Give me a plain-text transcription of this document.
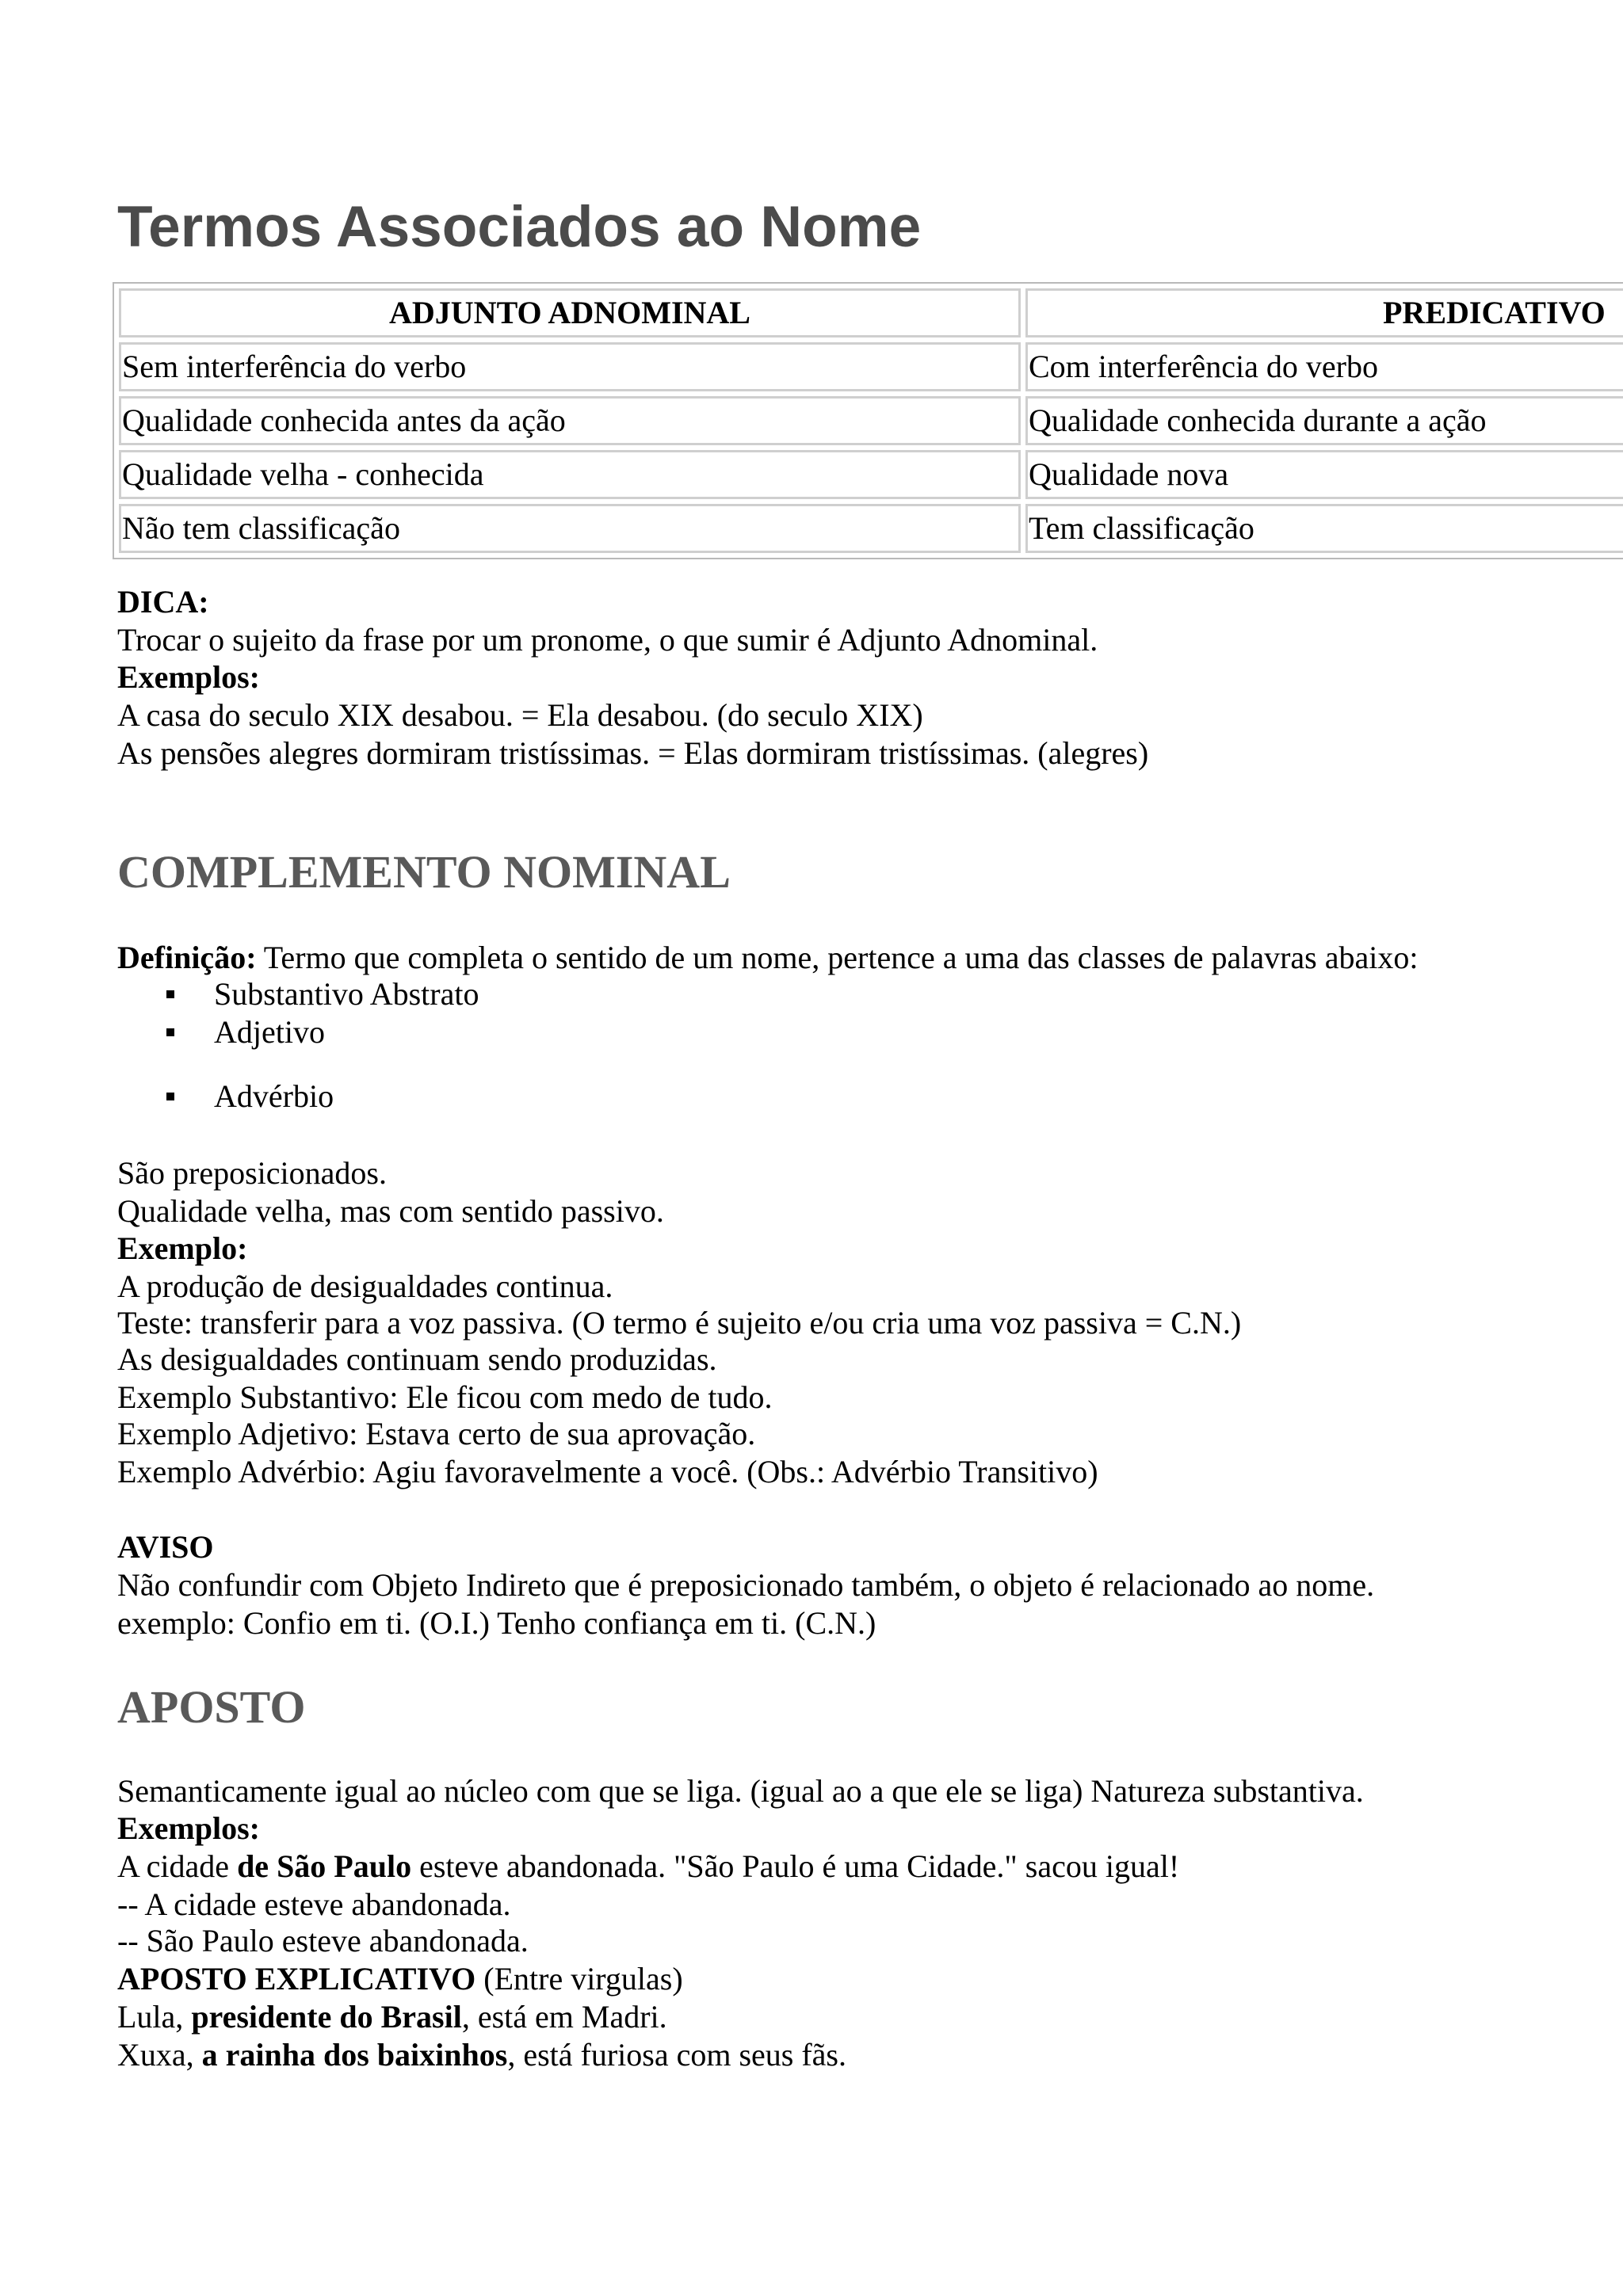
Termos Associados ao Nome
ADJUNTO ADNOMINAL	PREDICATIVO
Sem interferência do verbo	Com interferência do verbo
Qualidade conhecida antes da ação	Qualidade conhecida durante a ação
Qualidade velha - conhecida	Qualidade nova
Não tem classificação	Tem classificação
DICA:
Trocar o sujeito da frase por um pronome, o que sumir é Adjunto Adnominal.
Exemplos:
A casa do seculo XIX desabou. = Ela desabou. (do seculo XIX)
As pensões alegres dormiram tristíssimas. = Elas dormiram tristíssimas. (alegres)
COMPLEMENTO NOMINAL
Definição: Termo que completa o sentido de um nome, pertence a uma das classes de palavras abaixo:
Substantivo Abstrato
Adjetivo
Advérbio
São preposicionados.
Qualidade velha, mas com sentido passivo.
Exemplo:
A produção de desigualdades continua.
Teste: transferir para a voz passiva. (O termo é sujeito e/ou cria uma voz passiva = C.N.)
As desigualdades continuam sendo produzidas.
Exemplo Substantivo: Ele ficou com medo de tudo.
Exemplo Adjetivo: Estava certo de sua aprovação.
Exemplo Advérbio: Agiu favoravelmente a você. (Obs.: Advérbio Transitivo)
AVISO
Não confundir com Objeto Indireto que é preposicionado também, o objeto é relacionado ao nome.
exemplo: Confio em ti. (O.I.) Tenho confiança em ti. (C.N.)
APOSTO
Semanticamente igual ao núcleo com que se liga. (igual ao a que ele se liga) Natureza substantiva.
Exemplos:
A cidade de São Paulo esteve abandonada. "São Paulo é uma Cidade." sacou igual!
-- A cidade esteve abandonada.
-- São Paulo esteve abandonada.
APOSTO EXPLICATIVO (Entre virgulas)
Lula, presidente do Brasil, está em Madri.
Xuxa, a rainha dos baixinhos, está furiosa com seus fãs.
